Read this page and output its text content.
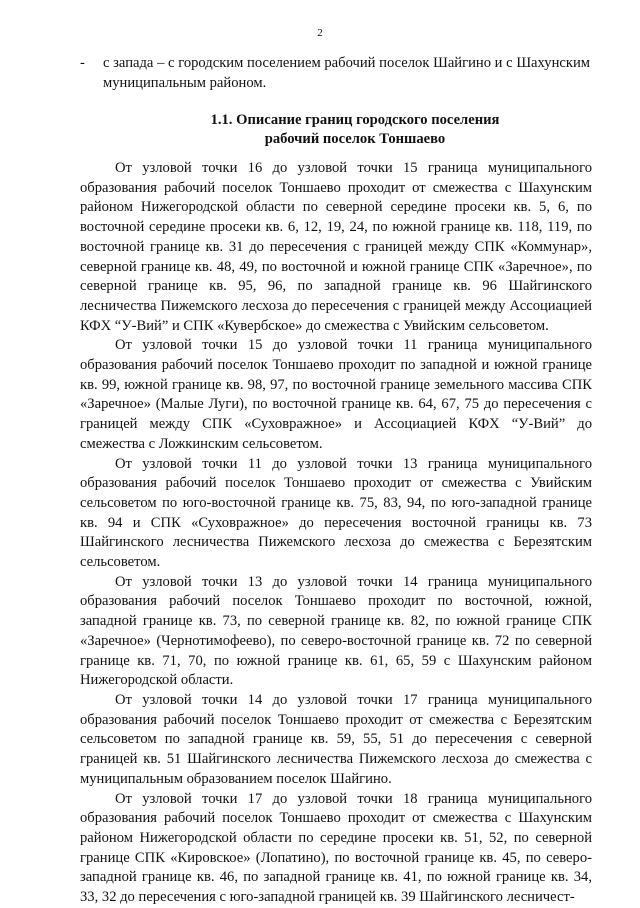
2
- с запада – с городским поселением рабочий поселок Шайгино и с Шахунским муниципальным районом.
1.1. Описание границ городского поселения
рабочий поселок Тоншаево

От узловой точки 16 до узловой точки 15 граница муниципального образования рабочий поселок Тоншаево проходит от смежества с Шахунским районом Нижегородской области по северной середине просеки кв. 5, 6, по восточной середине просеки кв. 6, 12, 19, 24, по южной границе кв. 118, 119, по восточной границе кв. 31 до пересечения с границей между СПК «Коммунар», северной границе кв. 48, 49, по восточной и южной границе СПК «Заречное», по северной границе кв. 95, 96, по западной границе кв. 96 Шайгинского лесничества Пижемского лесхоза до пересечения с границей между Ассоциацией КФХ “У-Вий” и СПК «Кувербское» до смежества с Увийским сельсоветом.

От узловой точки 15 до узловой точки 11 граница муниципального образования рабочий поселок Тоншаево проходит по западной и южной границе кв. 99, южной границе кв. 98, 97, по восточной границе земельного массива СПК «Заречное» (Малые Луги), по восточной границе кв. 64, 67, 75 до пересечения с границей между СПК «Суховражное» и Ассоциацией КФХ “У-Вий” до смежества с Ложкинским сельсоветом.

От узловой точки 11 до узловой точки 13 граница муниципального образования рабочий поселок Тоншаево проходит от смежества с Увийским сельсоветом по юго-восточной границе кв. 75, 83, 94, по юго-западной границе кв. 94 и СПК «Суховражное» до пересечения восточной границы кв. 73 Шайгинского лесничества Пижемского лесхоза до смежества с Березятским сельсоветом.

От узловой точки 13 до узловой точки 14 граница муниципального образования рабочий поселок Тоншаево проходит по восточной, южной, западной границе кв. 73, по северной границе кв. 82, по южной границе СПК «Заречное» (Чернотимофеево), по северо-восточной границе кв. 72 по северной границе кв. 71, 70, по южной границе кв. 61, 65, 59 с Шахунским районом Нижегородской области.

От узловой точки 14 до узловой точки 17 граница муниципального образования рабочий поселок Тоншаево проходит от смежества с Березятским сельсоветом по западной границе кв. 59, 55, 51 до пересечения с северной границей кв. 51 Шайгинского лесничества Пижемского лесхоза до смежества с муниципальным образованием поселок Шайгино.

От узловой точки 17 до узловой точки 18 граница муниципального образования рабочий поселок Тоншаево проходит от смежества с Шахунским районом Нижегородской области по середине просеки кв. 51, 52, по северной границе СПК «Кировское» (Лопатино), по восточной границе кв. 45, по северо-западной границе кв. 46, по западной границе кв. 41, по южной границе кв. 34, 33, 32 до пересечения с юго-западной границей кв. 39 Шайгинского лесничест-
